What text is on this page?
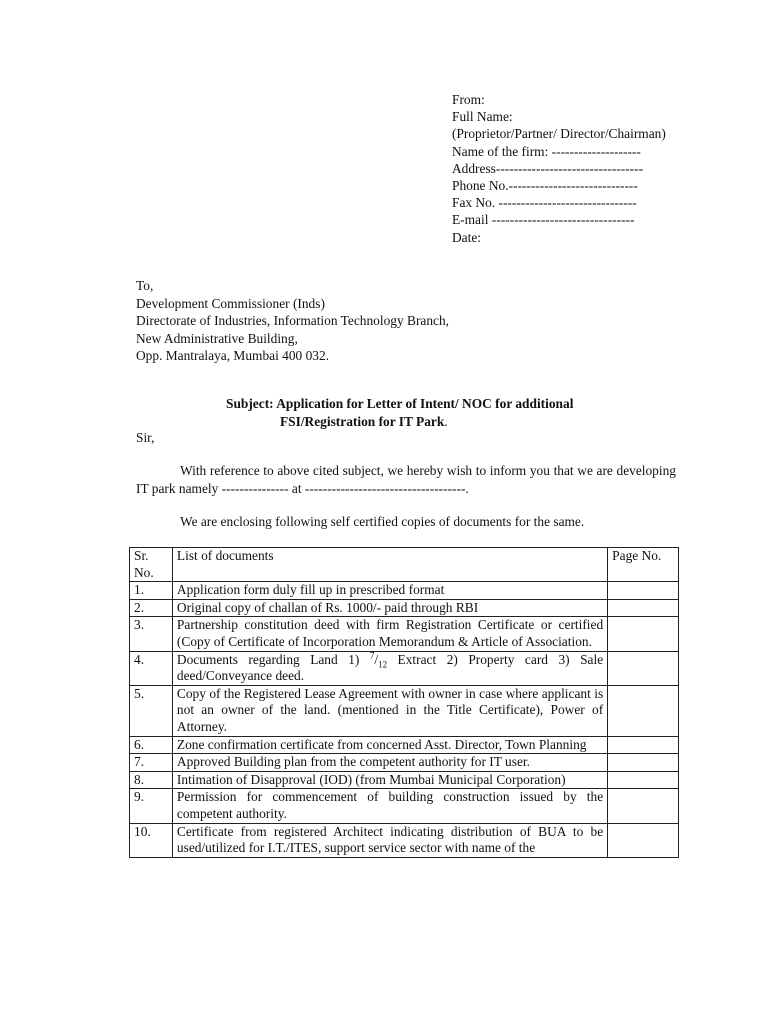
From:
Full Name:
(Proprietor/Partner/ Director/Chairman)
Name of the firm: --------------------
Address---------------------------------
Phone No.-----------------------------
Fax No. -------------------------------
E-mail --------------------------------
Date:
To,
Development Commissioner (Inds)
Directorate of Industries, Information Technology Branch,
New Administrative Building,
Opp. Mantralaya, Mumbai 400 032.
Subject: Application for Letter of Intent/ NOC for additional
FSI/Registration for IT Park.
Sir,
With reference to above cited subject, we hereby wish to inform you that we are developing IT park namely --------------- at ------------------------------------.
We are enclosing following self certified copies of documents for the same.
Sr. No.	List of documents	Page No.
1.	Application form duly fill up in prescribed format	
2.	Original copy of challan of Rs. 1000/- paid through RBI	
3.	Partnership constitution deed with firm Registration Certificate or certified (Copy of Certificate of Incorporation Memorandum & Article of Association.	
4.	Documents regarding Land 1) $^7/_{12}$ Extract 2) Property card 3) Sale deed/Conveyance deed.	
5.	Copy of the Registered Lease Agreement with owner in case where applicant is not an owner of the land. (mentioned in the Title Certificate), Power of Attorney.	
6.	Zone confirmation certificate from concerned Asst. Director, Town Planning	
7.	Approved Building plan from the competent authority for IT user.	
8.	Intimation of Disapproval (IOD) (from Mumbai Municipal Corporation)	
9.	Permission for commencement of building construction issued by the competent authority.	
10.	Certificate from registered Architect indicating distribution of BUA to be used/utilized for I.T./ITES, support service sector with name of the	
